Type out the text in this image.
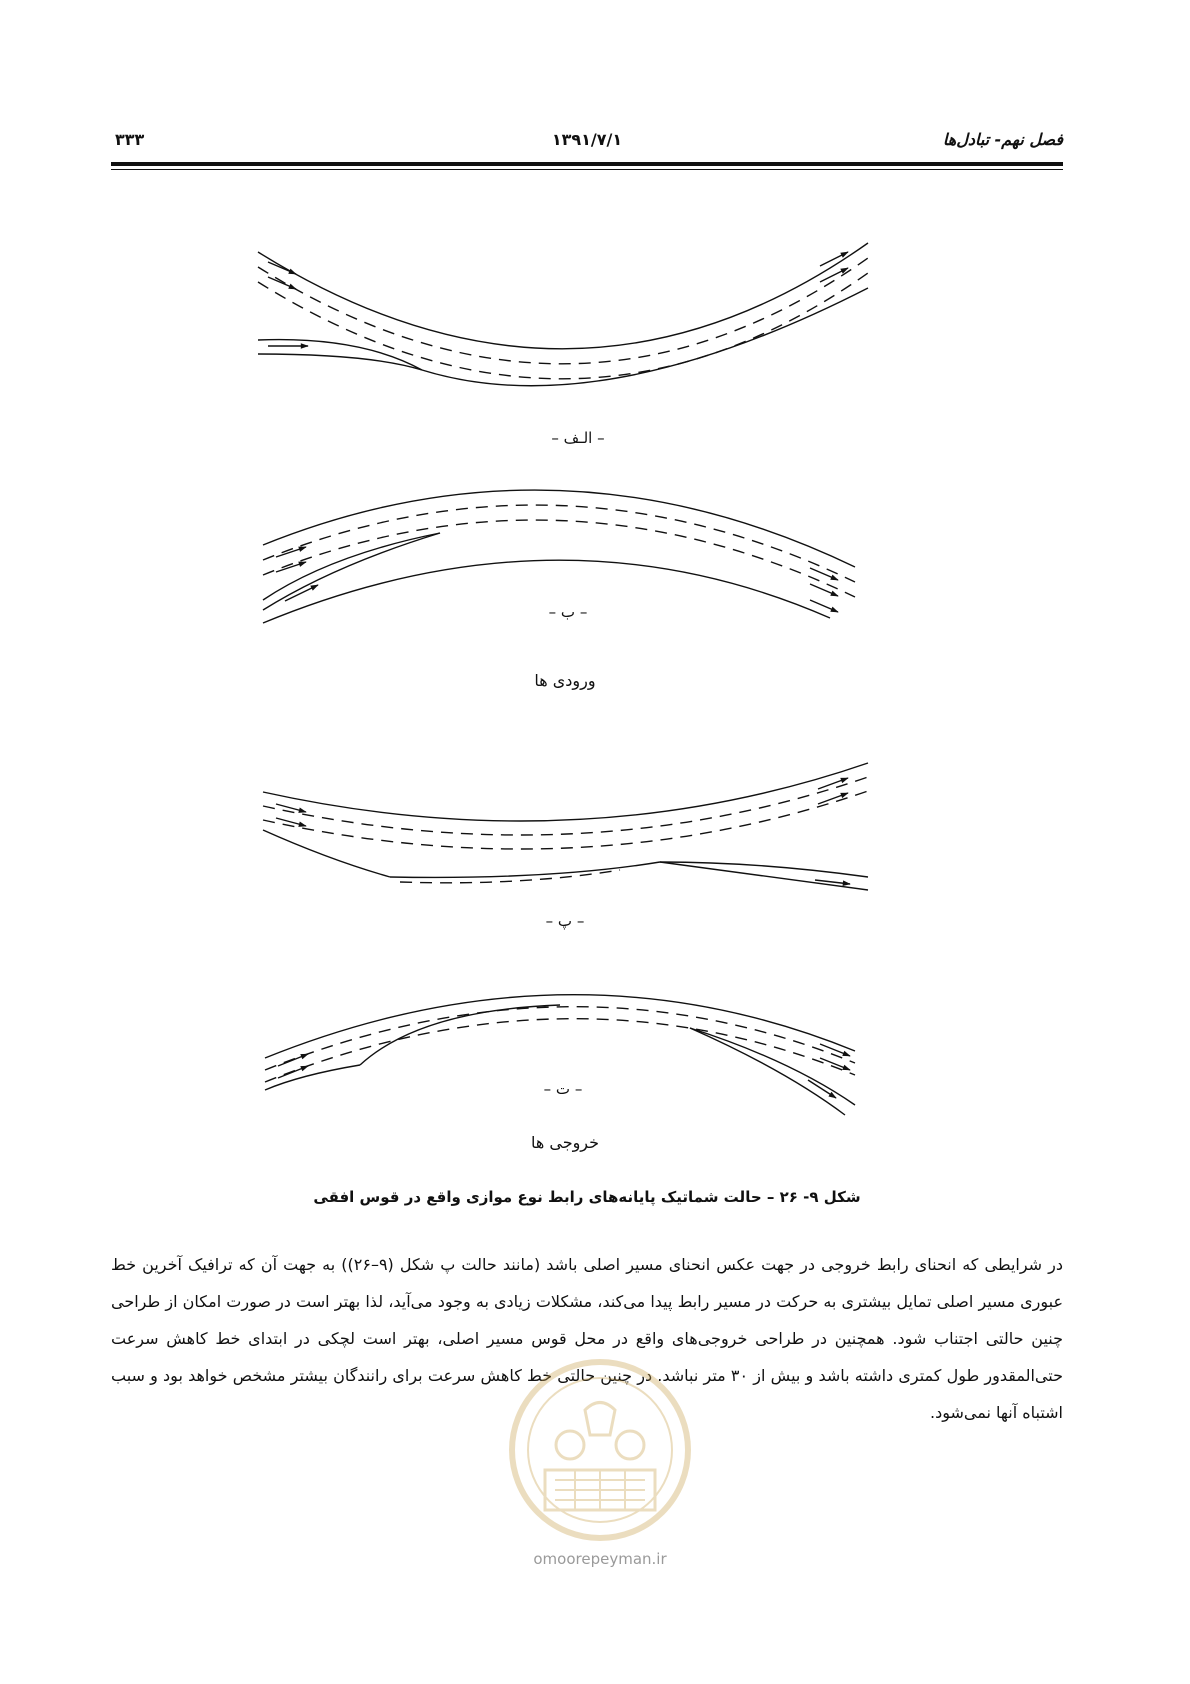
فصل نهم- تبادل‌ها
۱۳۹۱/۷/۱
۳۳۳
– الـف –
– ب –
ورودی ها
– پ –
– ت –
خروجی ها
شکل ۹- ۲۶ – حالت شماتیک پایانه‌های رابط نوع موازی واقع در قوس افقی
در شرایطی که انحنای رابط خروجی در جهت عکس انحنای مسیر اصلی باشد (مانند حالت پ شکل (۹–۲۶)) به جهت آن که ترافیک آخرین خط عبوری مسیر اصلی تمایل بیشتری به حرکت در مسیر رابط پیدا می‌کند، مشکلات زیادی به وجود می‌آید، لذا بهتر است در صورت امکان از طراحی چنین حالتی اجتناب شود. همچنین در طراحی خروجی‌های واقع در محل قوس مسیر اصلی، بهتر است لچکی در ابتدای خط کاهش سرعت حتی‌المقدور طول کمتری داشته باشد و بیش از ۳۰ متر نباشد. در چنین حالتی خط کاهش سرعت برای رانندگان بیشتر مشخص خواهد بود و سبب اشتباه آنها نمی‌شود.
omoorepeyman.ir
